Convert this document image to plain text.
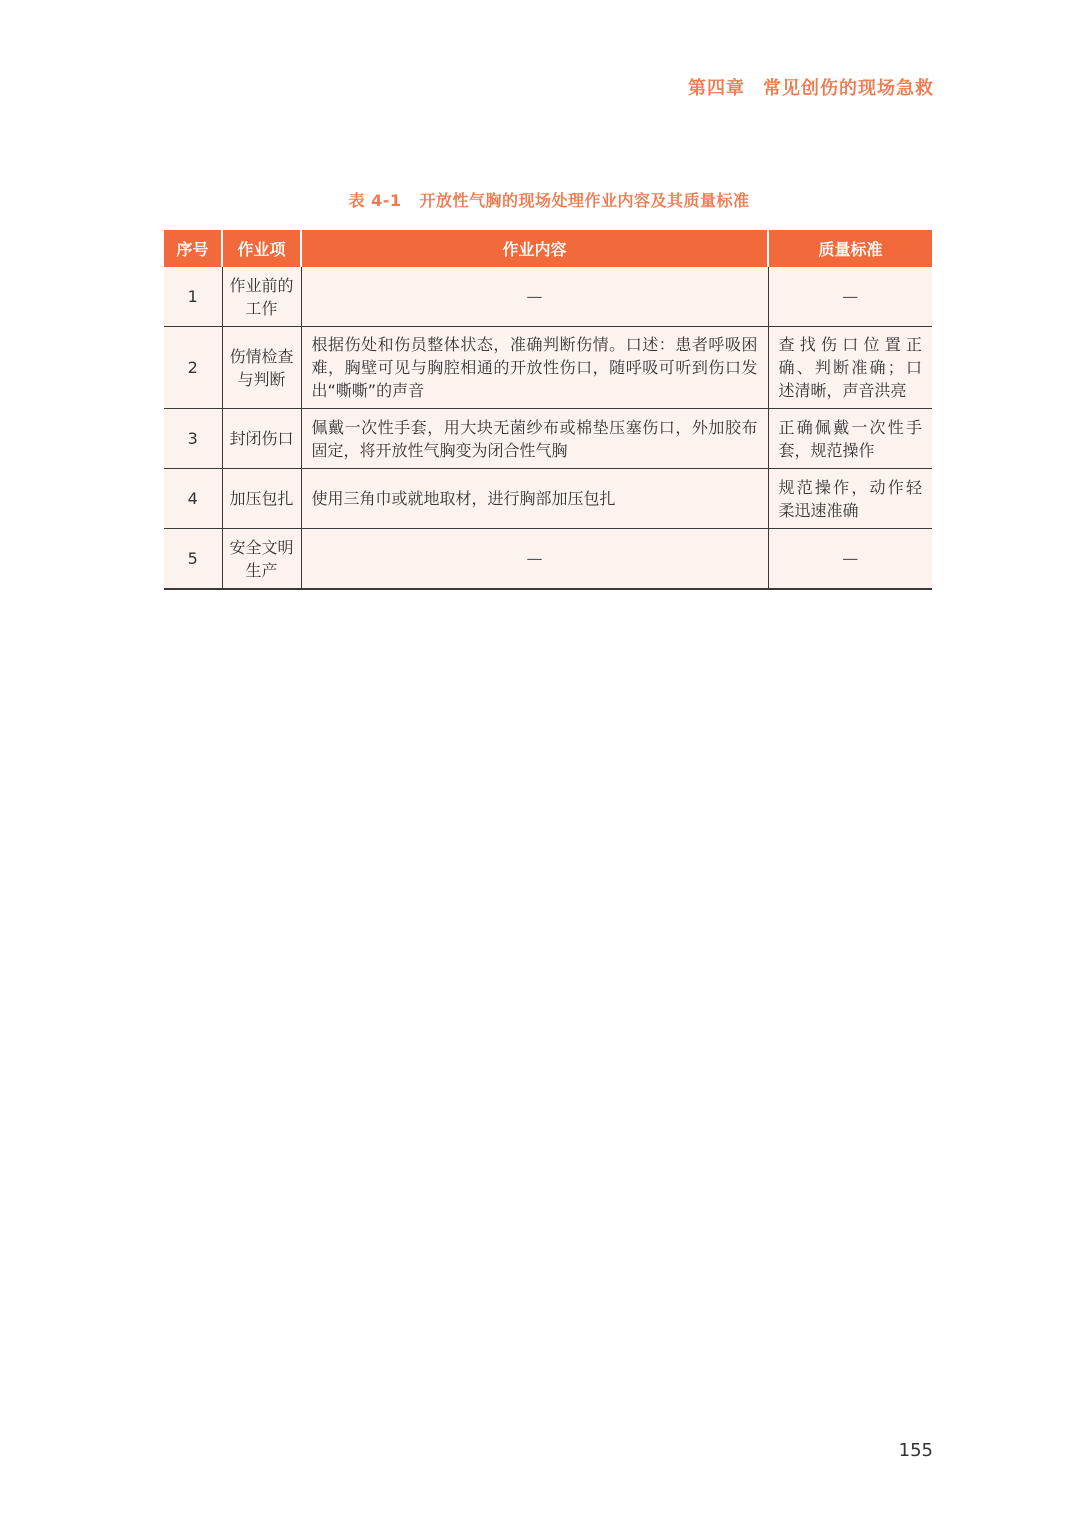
第四章 常见创伤的现场急救
表 4-1 开放性气胸的现场处理作业内容及其质量标准
序号	作业项	作业内容	质量标准
1	作业前的工作	—	—
2	伤情检查与判断	根据伤处和伤员整体状态，准确判断伤情。口述：患者呼吸困难，胸壁可见与胸腔相通的开放性伤口，随呼吸可听到伤口发出“嘶嘶”的声音	查找伤口位置正确、判断准确；口述清晰，声音洪亮
3	封闭伤口	佩戴一次性手套，用大块无菌纱布或棉垫压塞伤口，外加胶布固定，将开放性气胸变为闭合性气胸	正确佩戴一次性手套，规范操作
4	加压包扎	使用三角巾或就地取材，进行胸部加压包扎	规范操作，动作轻柔迅速准确
5	安全文明生产	—	—
155
